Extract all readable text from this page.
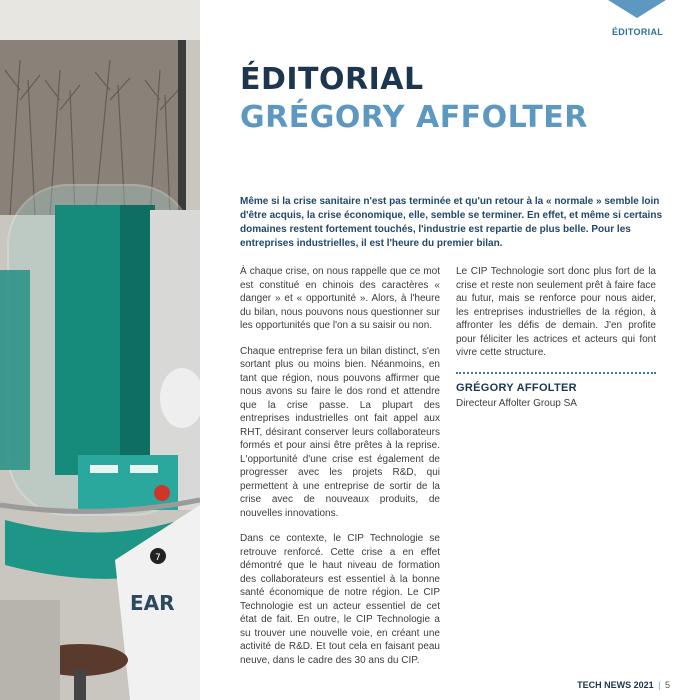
7
EAR
ÉDITORIAL
ÉDITORIAL
GRÉGORY AFFOLTER

Même si la crise sanitaire n'est pas terminée et qu'un retour à la « normale » semble loin d'être acquis, la crise économique, elle, semble se terminer. En effet, et même si certains domaines restent fortement touchés, l'industrie est repartie de plus belle. Pour les entreprises industrielles, il est l'heure du premier bilan.

À chaque crise, on nous rappelle que ce mot est constitué en chinois des caractères « danger » et « opportunité ». Alors, à l'heure du bilan, nous pouvons nous questionner sur les opportunités que l'on a su saisir ou non.

Chaque entreprise fera un bilan distinct, s'en sortant plus ou moins bien. Néanmoins, en tant que région, nous pouvons affirmer que nous avons su faire le dos rond et attendre que la crise passe. La plupart des entreprises industrielles ont fait appel aux RHT, désirant conserver leurs collaborateurs formés et pour ainsi être prêtes à la reprise. L'opportunité d'une crise est également de progresser avec les projets R&D, qui permettent à une entreprise de sortir de la crise avec de nouveaux produits, de nouvelles innovations.

Dans ce contexte, le CIP Technologie se retrouve renforcé. Cette crise a en effet démontré que le haut niveau de formation des collaborateurs est essentiel à la bonne santé économique de notre région. Le CIP Technologie est un acteur essentiel de cet état de fait. En outre, le CIP Technologie a su trouver une nouvelle voie, en créant une activité de R&D. Et tout cela en faisant peau neuve, dans le cadre des 30 ans du CIP.

Le CIP Technologie sort donc plus fort de la crise et reste non seulement prêt à faire face au futur, mais se renforce pour nous aider, les entreprises industrielles de la région, à affronter les défis de demain. J'en profite pour féliciter les actrices et acteurs qui font vivre cette structure.

GRÉGORY AFFOLTER
Directeur Affolter Group SA
TECH NEWS 2021 | 5
